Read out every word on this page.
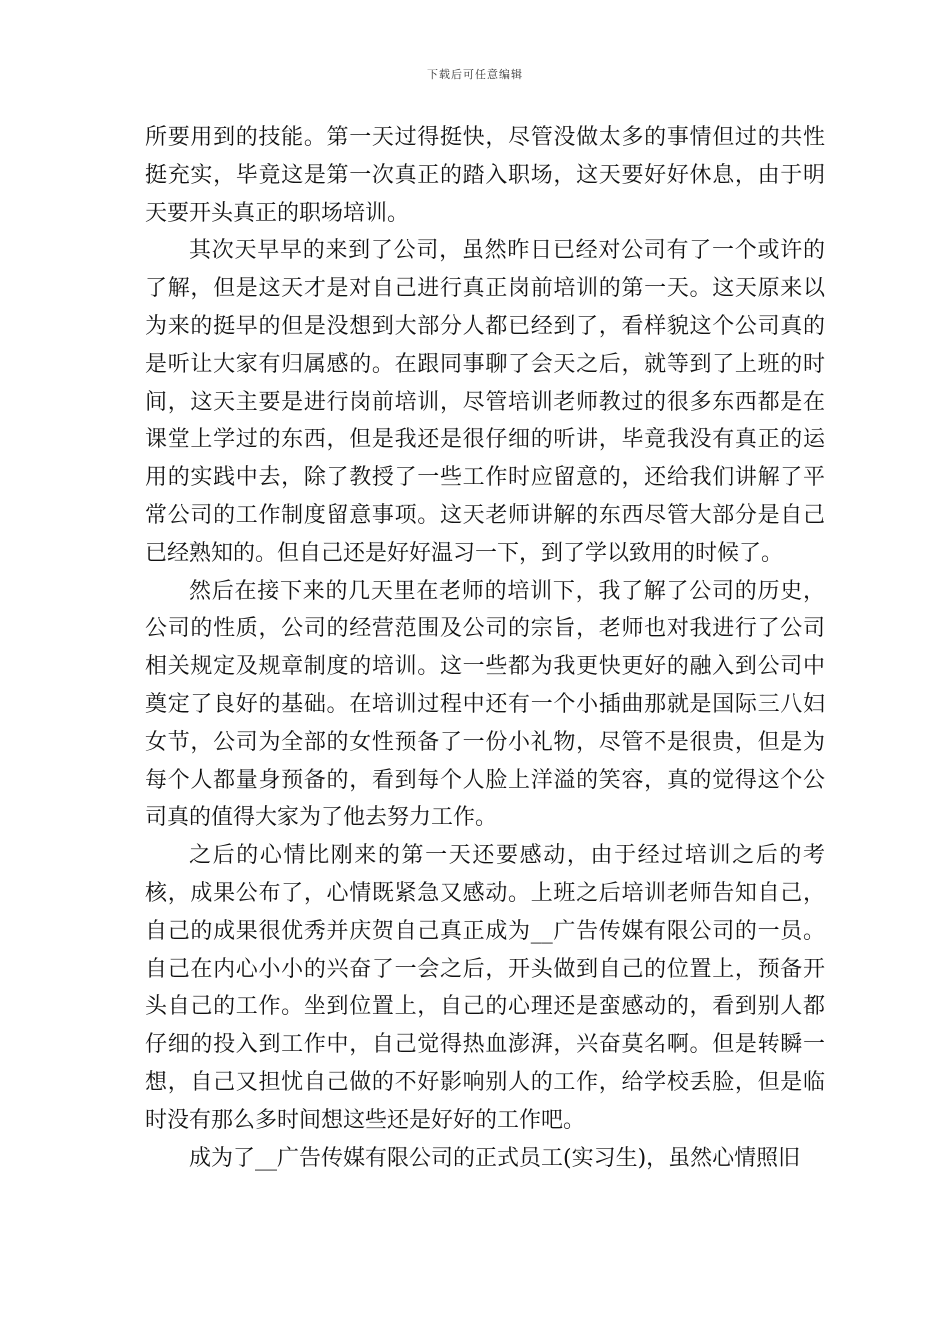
下载后可任意编辑

所要用到的技能。第一天过得挺快，尽管没做太多的事情但过的共性挺充实，毕竟这是第一次真正的踏入职场，这天要好好休息，由于明天要开头真正的职场培训。

其次天早早的来到了公司，虽然昨日已经对公司有了一个或许的了解，但是这天才是对自己进行真正岗前培训的第一天。这天原来以为来的挺早的但是没想到大部分人都已经到了，看样貌这个公司真的是听让大家有归属感的。在跟同事聊了会天之后，就等到了上班的时间，这天主要是进行岗前培训，尽管培训老师教过的很多东西都是在课堂上学过的东西，但是我还是很仔细的听讲，毕竟我没有真正的运用的实践中去，除了教授了一些工作时应留意的，还给我们讲解了平常公司的工作制度留意事项。这天老师讲解的东西尽管大部分是自己已经熟知的。但自己还是好好温习一下，到了学以致用的时候了。

然后在接下来的几天里在老师的培训下，我了解了公司的历史，公司的性质，公司的经营范围及公司的宗旨，老师也对我进行了公司相关规定及规章制度的培训。这一些都为我更快更好的融入到公司中奠定了良好的基础。在培训过程中还有一个小插曲那就是国际三八妇女节，公司为全部的女性预备了一份小礼物，尽管不是很贵，但是为每个人都量身预备的，看到每个人脸上洋溢的笑容，真的觉得这个公司真的值得大家为了他去努力工作。

之后的心情比刚来的第一天还要感动，由于经过培训之后的考核，成果公布了，心情既紧急又感动。上班之后培训老师告知自己，自己的成果很优秀并庆贺自己真正成为__广告传媒有限公司的一员。自己在内心小小的兴奋了一会之后，开头做到自己的位置上，预备开头自己的工作。坐到位置上，自己的心理还是蛮感动的，看到别人都仔细的投入到工作中，自己觉得热血澎湃，兴奋莫名啊。但是转瞬一想，自己又担忧自己做的不好影响别人的工作，给学校丢脸，但是临时没有那么多时间想这些还是好好的工作吧。

成为了__广告传媒有限公司的正式员工(实习生)，虽然心情照旧
